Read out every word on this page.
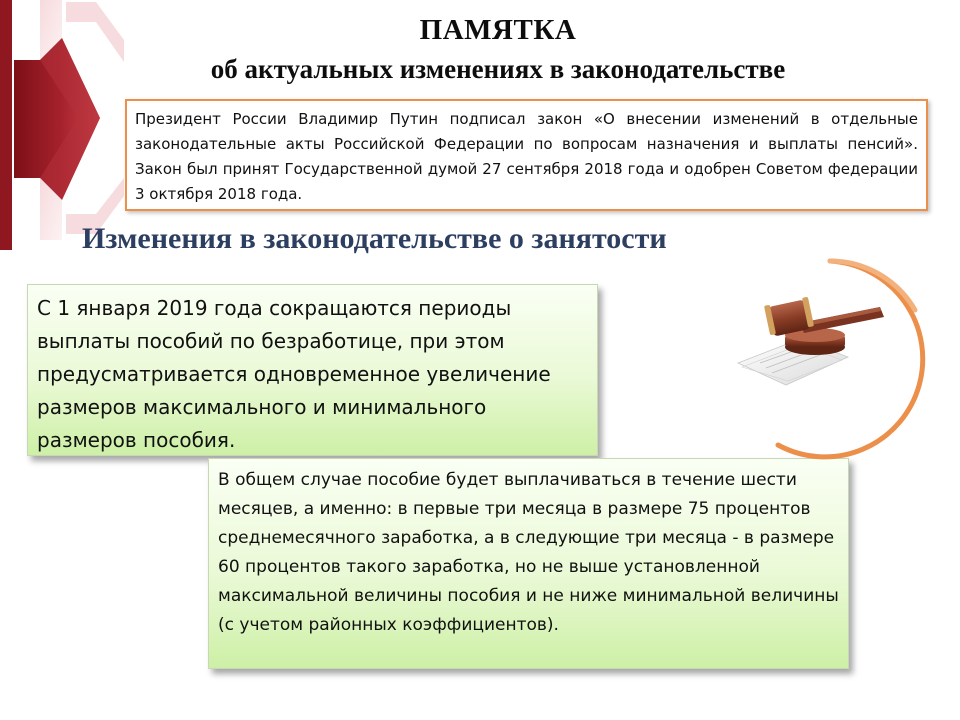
ПАМЯТКА
об актуальных изменениях в законодательстве
Президент России Владимир Путин подписал закон «О внесении изменений в отдельные законодательные акты Российской Федерации по вопросам назначения и выплаты пенсий». Закон был принят Государственной думой 27 сентября 2018 года и одобрен Советом федерации 3 октября 2018 года.
Изменения в законодательстве о занятости
С 1 января 2019 года сокращаются периоды выплаты пособий по безработице, при этом предусматривается одновременное увеличение размеров максимального и минимального размеров пособия.
В общем случае пособие будет выплачиваться в течение шести месяцев, а именно: в первые три месяца в размере 75 процентов среднемесячного заработка, а в следующие три месяца - в размере 60 процентов такого заработка, но не выше установленной максимальной величины пособия и не ниже минимальной величины (с учетом районных коэффициентов).
